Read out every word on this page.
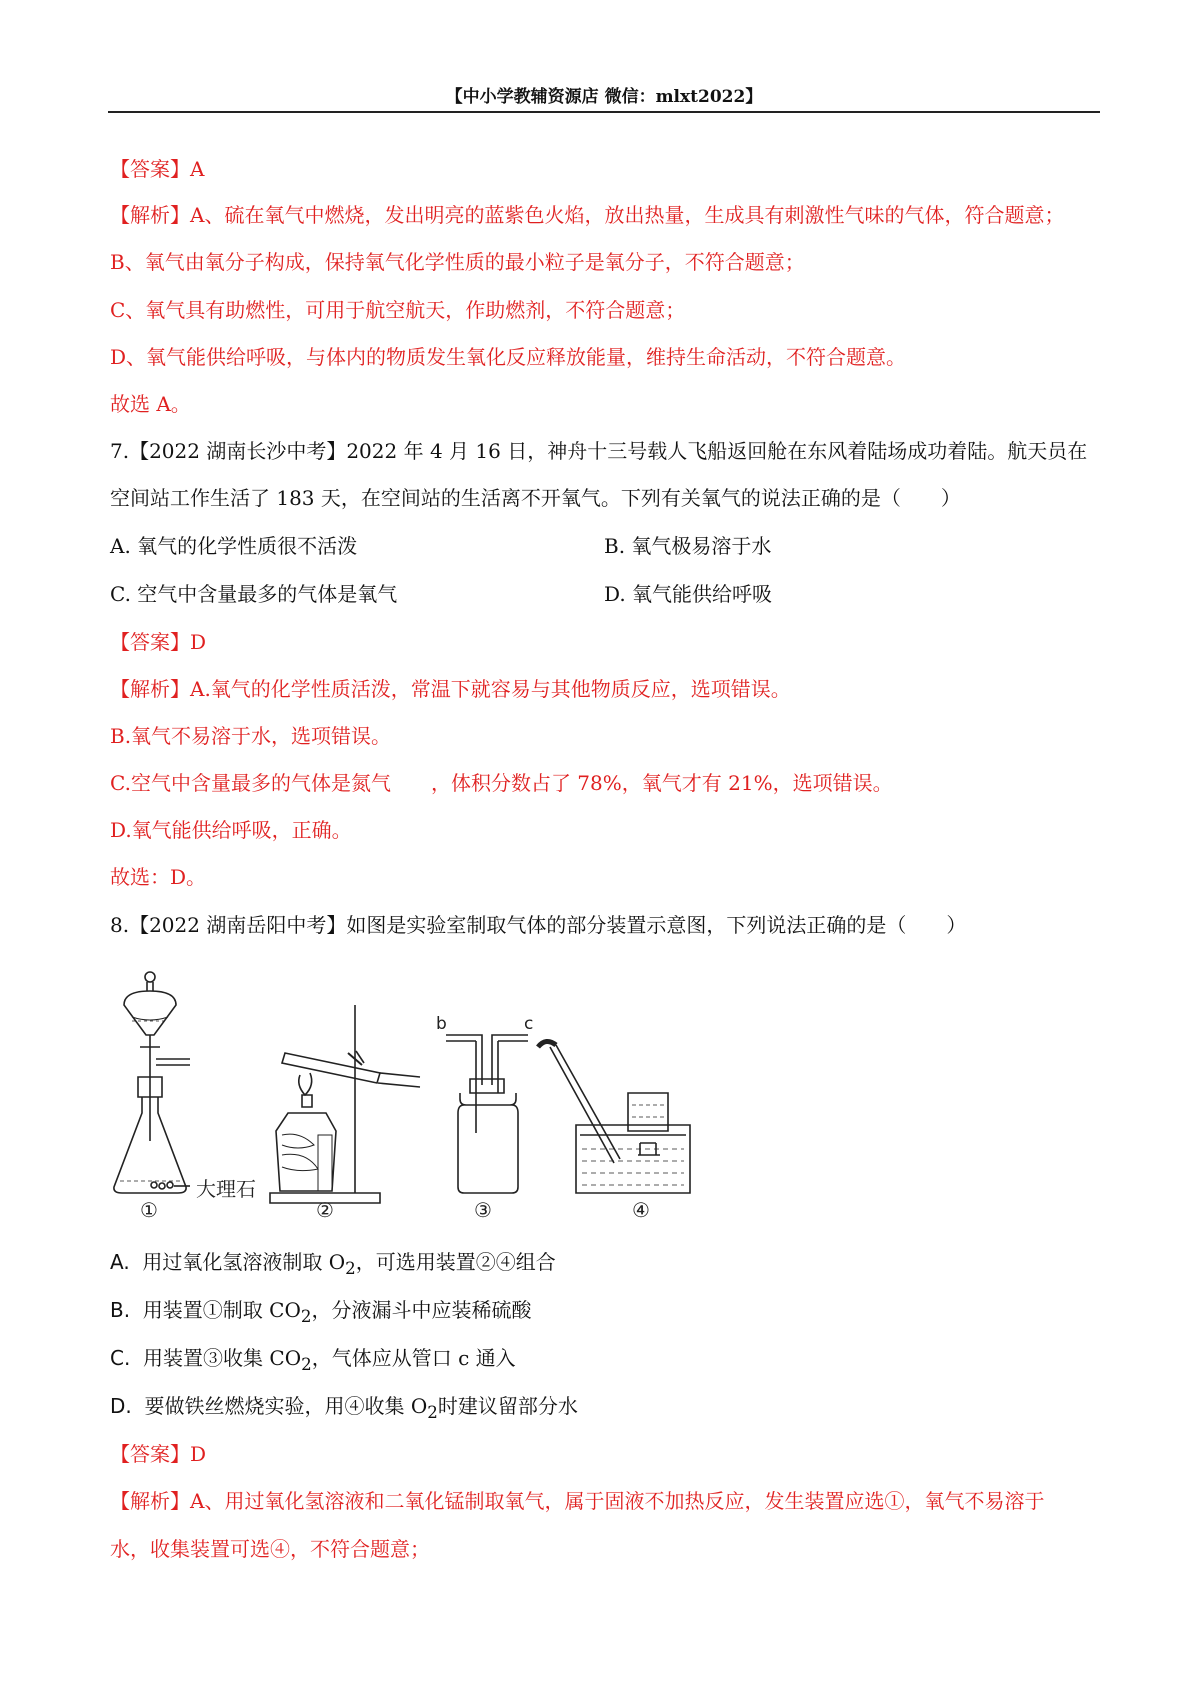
【中小学教辅资源店 微信：mlxt2022】
【答案】A
【解析】A、硫在氧气中燃烧，发出明亮的蓝紫色火焰，放出热量，生成具有刺激性气味的气体，符合题意；
B、氧气由氧分子构成，保持氧气化学性质的最小粒子是氧分子，不符合题意；
C、氧气具有助燃性，可用于航空航天，作助燃剂，不符合题意；
D、氧气能供给呼吸，与体内的物质发生氧化反应释放能量，维持生命活动，不符合题意。
故选 A。
7.【2022 湖南长沙中考】2022 年 4 月 16 日，神舟十三号载人飞船返回舱在东风着陆场成功着陆。航天员在
空间站工作生活了 183 天，在空间站的生活离不开氧气。下列有关氧气的说法正确的是（　　）
A. 氧气的化学性质很不活泼	B. 氧气极易溶于水
C. 空气中含量最多的气体是氧气	D. 氧气能供给呼吸
【答案】D
【解析】A.氧气的化学性质活泼，常温下就容易与其他物质反应，选项错误。
B.氧气不易溶于水，选项错误。
C.空气中含量最多的气体是氮气　　，体积分数占了 78%，氧气才有 21%，选项错误。
D.氧气能供给呼吸，正确。
故选：D。
8.【2022 湖南岳阳中考】如图是实验室制取气体的部分装置示意图，下列说法正确的是（　　）
大理石
b	c
①	②	③	④
A. 用过氧化氢溶液制取 $O_2$，可选用装置②④组合
B. 用装置①制取 $CO_2$，分液漏斗中应装稀硫酸
C. 用装置③收集 $CO_2$，气体应从管口 c 通入
D. 要做铁丝燃烧实验，用④收集 $O_2$时建议留部分水
【答案】D
【解析】A、用过氧化氢溶液和二氧化锰制取氧气，属于固液不加热反应，发生装置应选①，氧气不易溶于
水，收集装置可选④，不符合题意；
